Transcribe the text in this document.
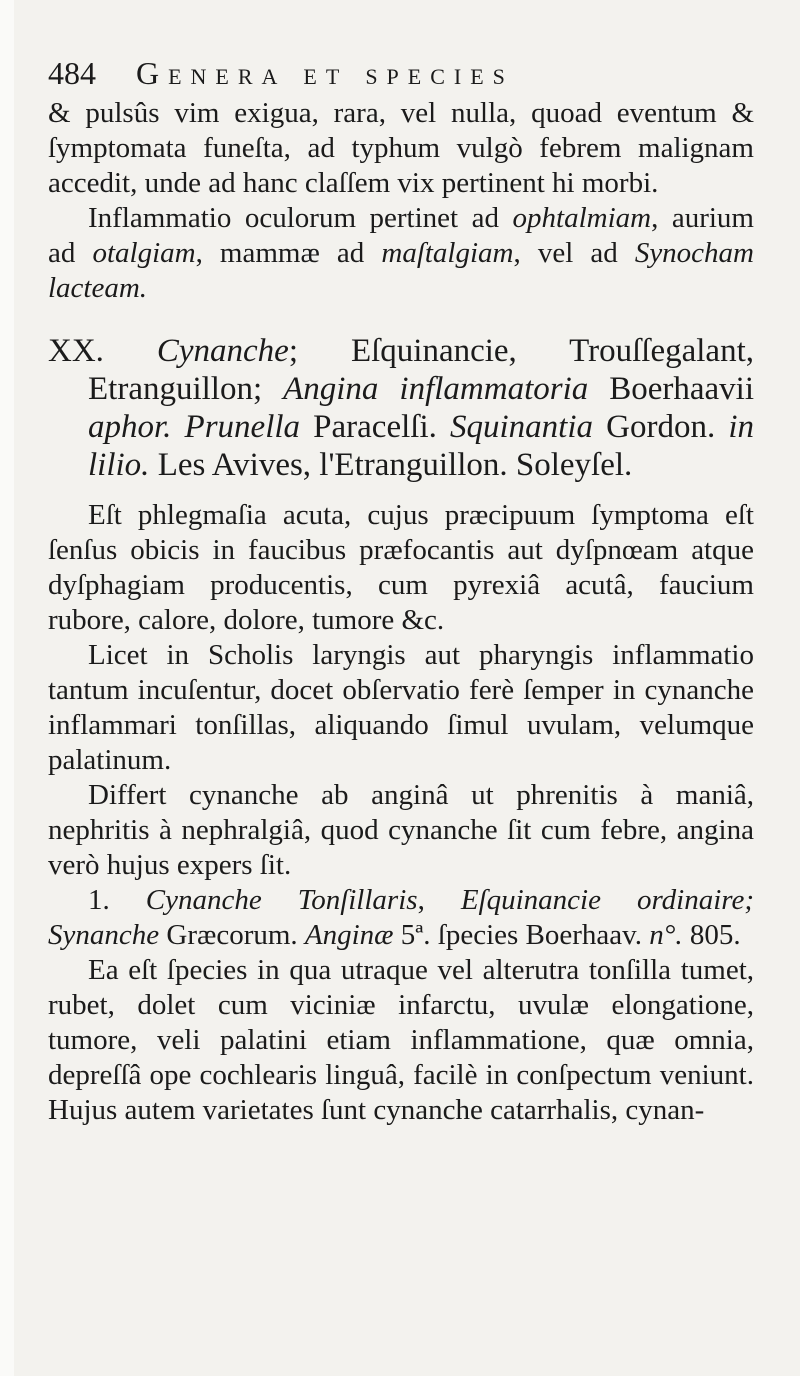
484 Genera et species

& pulsûs vim exigua, rara, vel nulla, quoad eventum & ſymptomata funeſta, ad typhum vulgò febrem malignam accedit, unde ad hanc claſſem vix pertinent hi morbi.

Inflammatio oculorum pertinet ad ophtalmiam, aurium ad otalgiam, mammæ ad maſtalgiam, vel ad Synocham lacteam.

XX. Cynanche; Eſquinancie, Trouſſegalant, Etranguillon; Angina inflammatoria Boerhaavii aphor. Prunella Paracelſi. Squinantia Gordon. in lilio. Les Avives, l'Etranguillon. Soleyſel.

Eſt phlegmaſia acuta, cujus præcipuum ſymptoma eſt ſenſus obicis in faucibus præfocantis aut dyſpnœam atque dyſphagiam producentis, cum pyrexiâ acutâ, faucium rubore, calore, dolore, tumore &c.

Licet in Scholis laryngis aut pharyngis inflammatio tantum incuſentur, docet obſervatio ferè ſemper in cynanche inflammari tonſillas, aliquando ſimul uvulam, velumque palatinum.

Differt cynanche ab anginâ ut phrenitis à maniâ, nephritis à nephralgiâ, quod cynanche ſit cum febre, angina verò hujus expers ſit.

1. Cynanche Tonſillaris, Eſquinancie ordinaire; Synanche Græcorum. Anginæ 5ª. ſpecies Boerhaav. n°. 805.

Ea eſt ſpecies in qua utraque vel alterutra tonſilla tumet, rubet, dolet cum viciniæ infarctu, uvulæ elongatione, tumore, veli palatini etiam inflammatione, quæ omnia, depreſſâ ope cochlearis linguâ, facilè in conſpectum veniunt. Hujus autem varietates ſunt cynanche catarrhalis, cynan-
